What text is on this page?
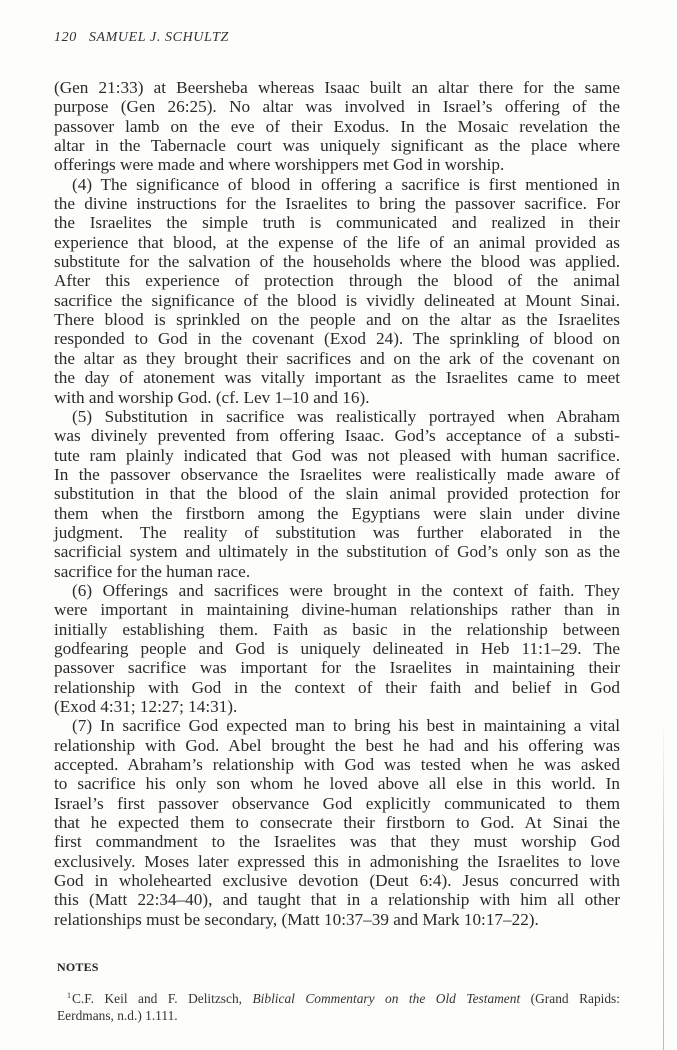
120 SAMUEL J. SCHULTZ
(Gen 21:33) at Beersheba whereas Isaac built an altar there for the same
purpose (Gen 26:25). No altar was involved in Israel’s offering of the
passover lamb on the eve of their Exodus. In the Mosaic revelation the
altar in the Tabernacle court was uniquely significant as the place where
offerings were made and where worshippers met God in worship.
(4) The significance of blood in offering a sacrifice is first mentioned in
the divine instructions for the Israelites to bring the passover sacrifice. For
the Israelites the simple truth is communicated and realized in their
experience that blood, at the expense of the life of an animal provided as
substitute for the salvation of the households where the blood was applied.
After this experience of protection through the blood of the animal
sacrifice the significance of the blood is vividly delineated at Mount Sinai.
There blood is sprinkled on the people and on the altar as the Israelites
responded to God in the covenant (Exod 24). The sprinkling of blood on
the altar as they brought their sacrifices and on the ark of the covenant on
the day of atonement was vitally important as the Israelites came to meet
with and worship God. (cf. Lev 1–10 and 16).
(5) Substitution in sacrifice was realistically portrayed when Abraham
was divinely prevented from offering Isaac. God’s acceptance of a substi-
tute ram plainly indicated that God was not pleased with human sacrifice.
In the passover observance the Israelites were realistically made aware of
substitution in that the blood of the slain animal provided protection for
them when the firstborn among the Egyptians were slain under divine
judgment. The reality of substitution was further elaborated in the
sacrificial system and ultimately in the substitution of God’s only son as the
sacrifice for the human race.
(6) Offerings and sacrifices were brought in the context of faith. They
were important in maintaining divine-human relationships rather than in
initially establishing them. Faith as basic in the relationship between
godfearing people and God is uniquely delineated in Heb 11:1–29. The
passover sacrifice was important for the Israelites in maintaining their
relationship with God in the context of their faith and belief in God
(Exod 4:31; 12:27; 14:31).
(7) In sacrifice God expected man to bring his best in maintaining a vital
relationship with God. Abel brought the best he had and his offering was
accepted. Abraham’s relationship with God was tested when he was asked
to sacrifice his only son whom he loved above all else in this world. In
Israel’s first passover observance God explicitly communicated to them
that he expected them to consecrate their firstborn to God. At Sinai the
first commandment to the Israelites was that they must worship God
exclusively. Moses later expressed this in admonishing the Israelites to love
God in wholehearted exclusive devotion (Deut 6:4). Jesus concurred with
this (Matt 22:34–40), and taught that in a relationship with him all other
relationships must be secondary, (Matt 10:37–39 and Mark 10:17–22).
NOTES
$^1$C.F. Keil and F. Delitzsch, Biblical Commentary on the Old Testament (Grand Rapids:
Eerdmans, n.d.) 1.111.
